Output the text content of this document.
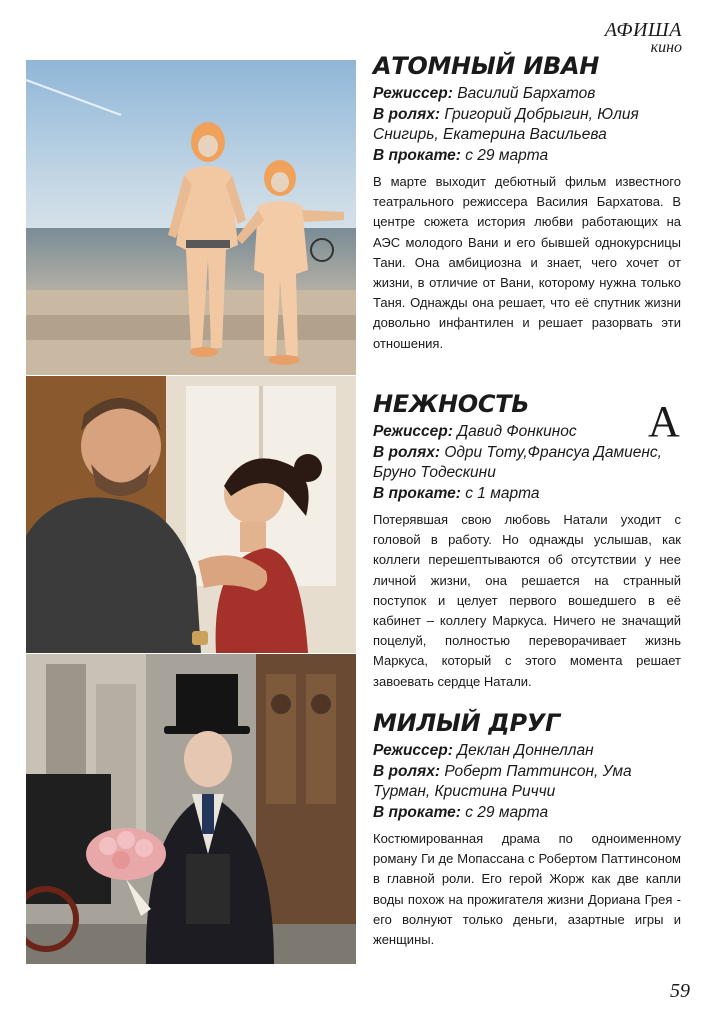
АФИША
кино
АТОМНЫЙ ИВАН
Режиссер: Василий Бархатов
В ролях: Григорий Добрыгин, Юлия Снигирь, Екатерина Васильева
В прокате: с 29 марта
В марте выходит дебютный фильм известного театрального режиссера Василия Бархатова. В центре сюжета история любви работающих на АЭС молодого Вани и его бывшей однокурсницы Тани. Она амбициозна и знает, чего хочет от жизни, в отличие от Вани, которому нужна только Таня. Однажды она решает, что её спутник жизни довольно инфантилен и решает разорвать эти отношения.
НЕЖНОСТЬ
Режиссер: Давид Фонкинос
В ролях: Одри Тоту,Франсуа Дамиенс, Бруно Тодескини
В прокате: с 1 марта
Потерявшая свою любовь Натали уходит с головой в работу. Но однажды услышав, как коллеги перешептываются об отсутствии у нее личной жизни, она решается на странный поступок и целует первого вошедшего в её кабинет – коллегу Маркуса. Ничего не значащий поцелуй, полностью переворачивает жизнь Маркуса, который с этого момента решает завоевать сердце Натали.
А
МИЛЫЙ ДРУГ
Режиссер: Деклан Доннеллан
В ролях: Роберт Паттинсон, Ума Турман, Кристина Риччи
В прокате: с 29 марта
Костюмированная драма по одноименному роману Ги де Мопассана с Робертом Паттинсоном в главной роли. Его герой Жорж как две капли воды похож на прожигателя жизни Дориана Грея - его волнуют только деньги, азартные игры и женщины.
59
